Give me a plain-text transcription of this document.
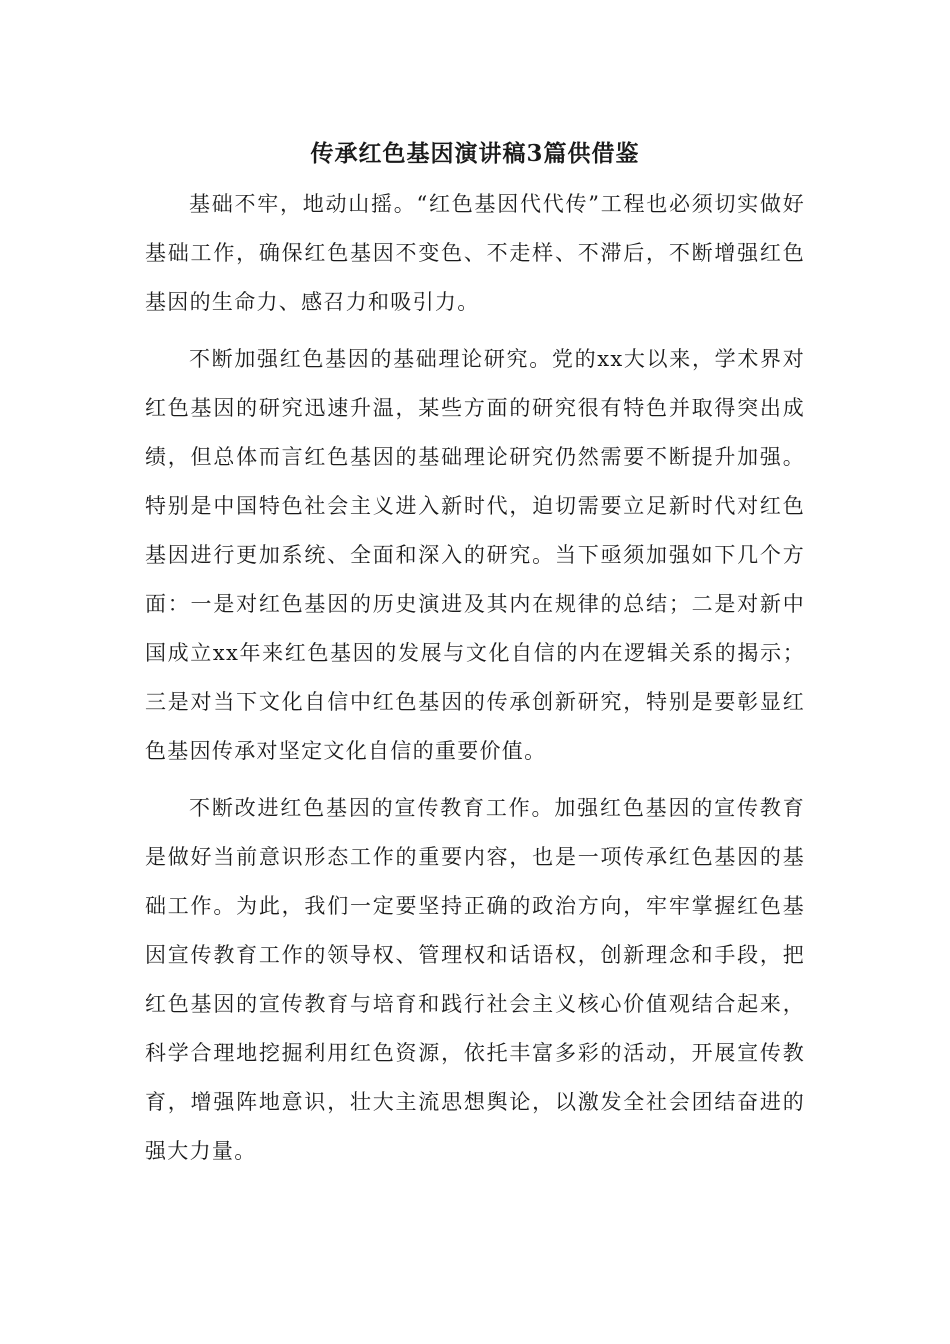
传承红色基因演讲稿3篇供借鉴

基础不牢，地动山摇。“红色基因代代传”工程也必须切实做好基础工作，确保红色基因不变色、不走样、不滞后，不断增强红色基因的生命力、感召力和吸引力。

不断加强红色基因的基础理论研究。党的xx大以来，学术界对红色基因的研究迅速升温，某些方面的研究很有特色并取得突出成绩，但总体而言红色基因的基础理论研究仍然需要不断提升加强。特别是中国特色社会主义进入新时代，迫切需要立足新时代对红色基因进行更加系统、全面和深入的研究。当下亟须加强如下几个方面：一是对红色基因的历史演进及其内在规律的总结；二是对新中国成立xx年来红色基因的发展与文化自信的内在逻辑关系的揭示；三是对当下文化自信中红色基因的传承创新研究，特别是要彰显红色基因传承对坚定文化自信的重要价值。

不断改进红色基因的宣传教育工作。加强红色基因的宣传教育是做好当前意识形态工作的重要内容，也是一项传承红色基因的基础工作。为此，我们一定要坚持正确的政治方向，牢牢掌握红色基因宣传教育工作的领导权、管理权和话语权，创新理念和手段，把红色基因的宣传教育与培育和践行社会主义核心价值观结合起来，科学合理地挖掘利用红色资源，依托丰富多彩的活动，开展宣传教育，增强阵地意识，壮大主流思想舆论，以激发全社会团结奋进的强大力量。
